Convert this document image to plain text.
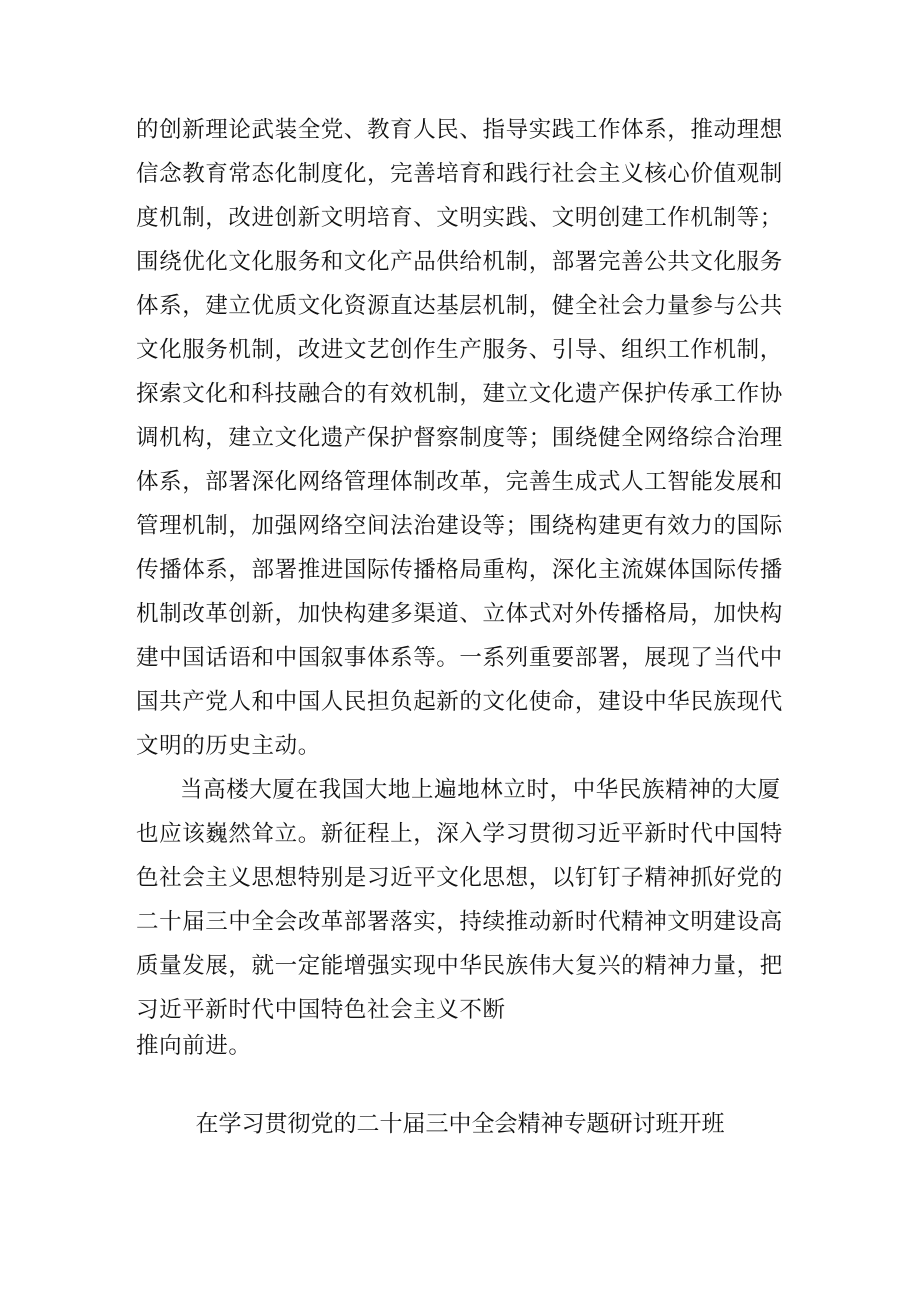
的创新理论武装全党、教育人民、指导实践工作体系，推动理想
信念教育常态化制度化，完善培育和践行社会主义核心价值观制
度机制，改进创新文明培育、文明实践、文明创建工作机制等；
围绕优化文化服务和文化产品供给机制，部署完善公共文化服务
体系，建立优质文化资源直达基层机制，健全社会力量参与公共
文化服务机制，改进文艺创作生产服务、引导、组织工作机制，
探索文化和科技融合的有效机制，建立文化遗产保护传承工作协
调机构，建立文化遗产保护督察制度等；围绕健全网络综合治理
体系，部署深化网络管理体制改革，完善生成式人工智能发展和
管理机制，加强网络空间法治建设等；围绕构建更有效力的国际
传播体系，部署推进国际传播格局重构，深化主流媒体国际传播
机制改革创新，加快构建多渠道、立体式对外传播格局，加快构
建中国话语和中国叙事体系等。一系列重要部署，展现了当代中
国共产党人和中国人民担负起新的文化使命，建设中华民族现代
文明的历史主动。
当高楼大厦在我国大地上遍地林立时，中华民族精神的大厦
也应该巍然耸立。新征程上，深入学习贯彻习近平新时代中国特
色社会主义思想特别是习近平文化思想，以钉钉子精神抓好党的
二十届三中全会改革部署落实，持续推动新时代精神文明建设高
质量发展，就一定能增强实现中华民族伟大复兴的精神力量，把
习近平新时代中国特色社会主义不断
推向前进。
在学习贯彻党的二十届三中全会精神专题研讨班开班
